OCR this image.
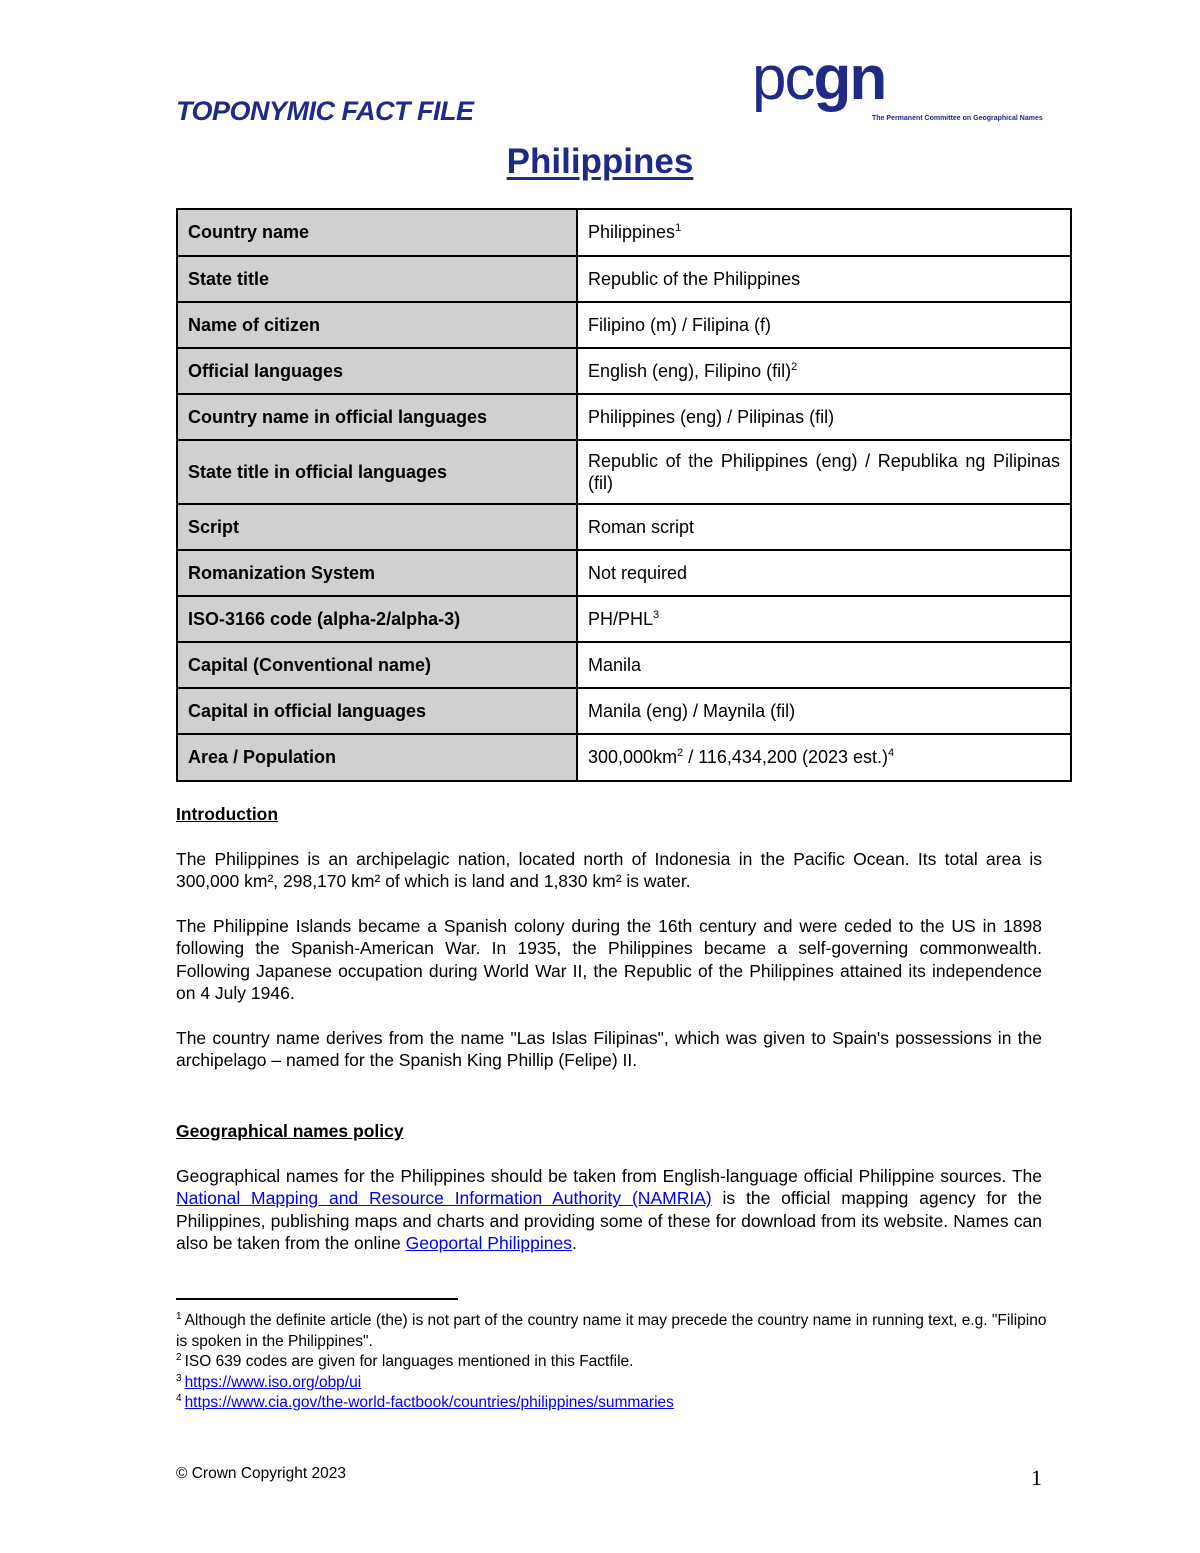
TOPONYMIC FACT FILE	pcgn
The Permanent Committee on Geographical Names
Philippines
Country name	Philippines$^1$
State title	Republic of the Philippines
Name of citizen	Filipino (m) / Filipina (f)
Official languages	English (eng), Filipino (fil)$^2$
Country name in official languages	Philippines (eng) / Pilipinas (fil)
State title in official languages	Republic of the Philippines (eng) / Republika ng Pilipinas (fil)
Script	Roman script
Romanization System	Not required
ISO-3166 code (alpha-2/alpha-3)	PH/PHL$^3$
Capital (Conventional name)	Manila
Capital in official languages	Manila (eng) / Maynila (fil)
Area / Population	$300,000km^2 / 116,434,200$ (2023 est.)$^4$
Introduction

The Philippines is an archipelagic nation, located north of Indonesia in the Pacific Ocean. Its total area is 300,000 km², 298,170 km² of which is land and 1,830 km² is water.

The Philippine Islands became a Spanish colony during the 16th century and were ceded to the US in 1898 following the Spanish-American War. In 1935, the Philippines became a self-governing commonwealth. Following Japanese occupation during World War II, the Republic of the Philippines attained its independence on 4 July 1946.

The country name derives from the name "Las Islas Filipinas", which was given to Spain's possessions in the archipelago – named for the Spanish King Phillip (Felipe) II.

Geographical names policy

Geographical names for the Philippines should be taken from English-language official Philippine sources. The National Mapping and Resource Information Authority (NAMRIA) is the official mapping agency for the Philippines, publishing maps and charts and providing some of these for download from its website. Names can also be taken from the online Geoportal Philippines.

$^1$ Although the definite article (the) is not part of the country name it may precede the country name in running text, e.g. "Filipino is spoken in the Philippines".
$^2$ ISO 639 codes are given for languages mentioned in this Factfile.
$^3$ https://www.iso.org/obp/ui
$^4$ https://www.cia.gov/the-world-factbook/countries/philippines/summaries
© Crown Copyright 2023	1
